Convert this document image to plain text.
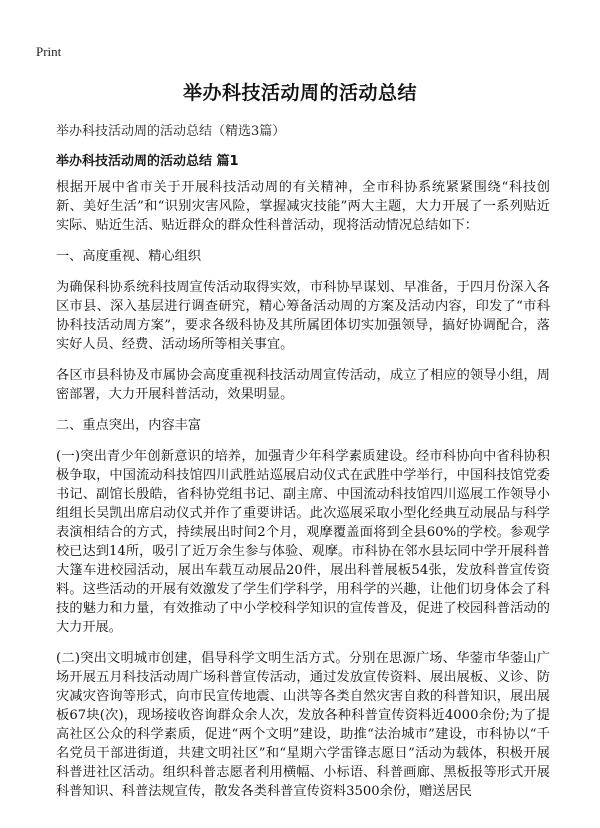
Print
举办科技活动周的活动总结
举办科技活动周的活动总结（精选3篇）
举办科技活动周的活动总结 篇1

根据开展中省市关于开展科技活动周的有关精神，全市科协系统紧紧围绕“科技创新、美好生活”和“识别灾害风险，掌握减灾技能”两大主题，大力开展了一系列贴近实际、贴近生活、贴近群众的群众性科普活动，现将活动情况总结如下：

一、高度重视、精心组织

为确保科协系统科技周宣传活动取得实效，市科协早谋划、早准备，于四月份深入各区市县、深入基层进行调查研究，精心筹备活动周的方案及活动内容，印发了“市科协科技活动周方案”，要求各级科协及其所属团体切实加强领导，搞好协调配合，落实好人员、经费、活动场所等相关事宜。

各区市县科协及市属协会高度重视科技活动周宣传活动，成立了相应的领导小组，周密部署，大力开展科普活动，效果明显。

二、重点突出，内容丰富

(一)突出青少年创新意识的培养，加强青少年科学素质建设。经市科协向中省科协积极争取，中国流动科技馆四川武胜站巡展启动仪式在武胜中学举行，中国科技馆党委书记、副馆长殷皓，省科协党组书记、副主席、中国流动科技馆四川巡展工作领导小组组长吴凯出席启动仪式并作了重要讲话。此次巡展采取小型化经典互动展品与科学表演相结合的方式，持续展出时间2个月，观摩覆盖面将到全县60%的学校。参观学校已达到14所，吸引了近万余生参与体验、观摩。市科协在邻水县坛同中学开展科普大篷车进校园活动，展出车载互动展品20件，展出科普展板54张，发放科普宣传资料。这些活动的开展有效激发了学生们学科学，用科学的兴趣，让他们切身体会了科技的魅力和力量，有效推动了中小学校科学知识的宣传普及，促进了校园科普活动的大力开展。

(二)突出文明城市创建，倡导科学文明生活方式。分别在思源广场、华蓥市华蓥山广场开展五月科技活动周广场科普宣传活动，通过发放宣传资料、展出展板、义诊、防灾减灾咨询等形式，向市民宣传地震、山洪等各类自然灾害自救的科普知识，展出展板67块(次)，现场接收咨询群众余人次，发放各种科普宣传资料近4000余份;为了提高社区公众的科学素质，促进“两个文明”建设，助推“法治城市”建设，市科协以“千名党员干部进街道，共建文明社区”和“星期六学雷锋志愿日”活动为载体，积极开展科普进社区活动。组织科普志愿者利用横幅、小标语、科普画廊、黑板报等形式开展科普知识、科普法规宣传，散发各类科普宣传资料3500余份，赠送居民
